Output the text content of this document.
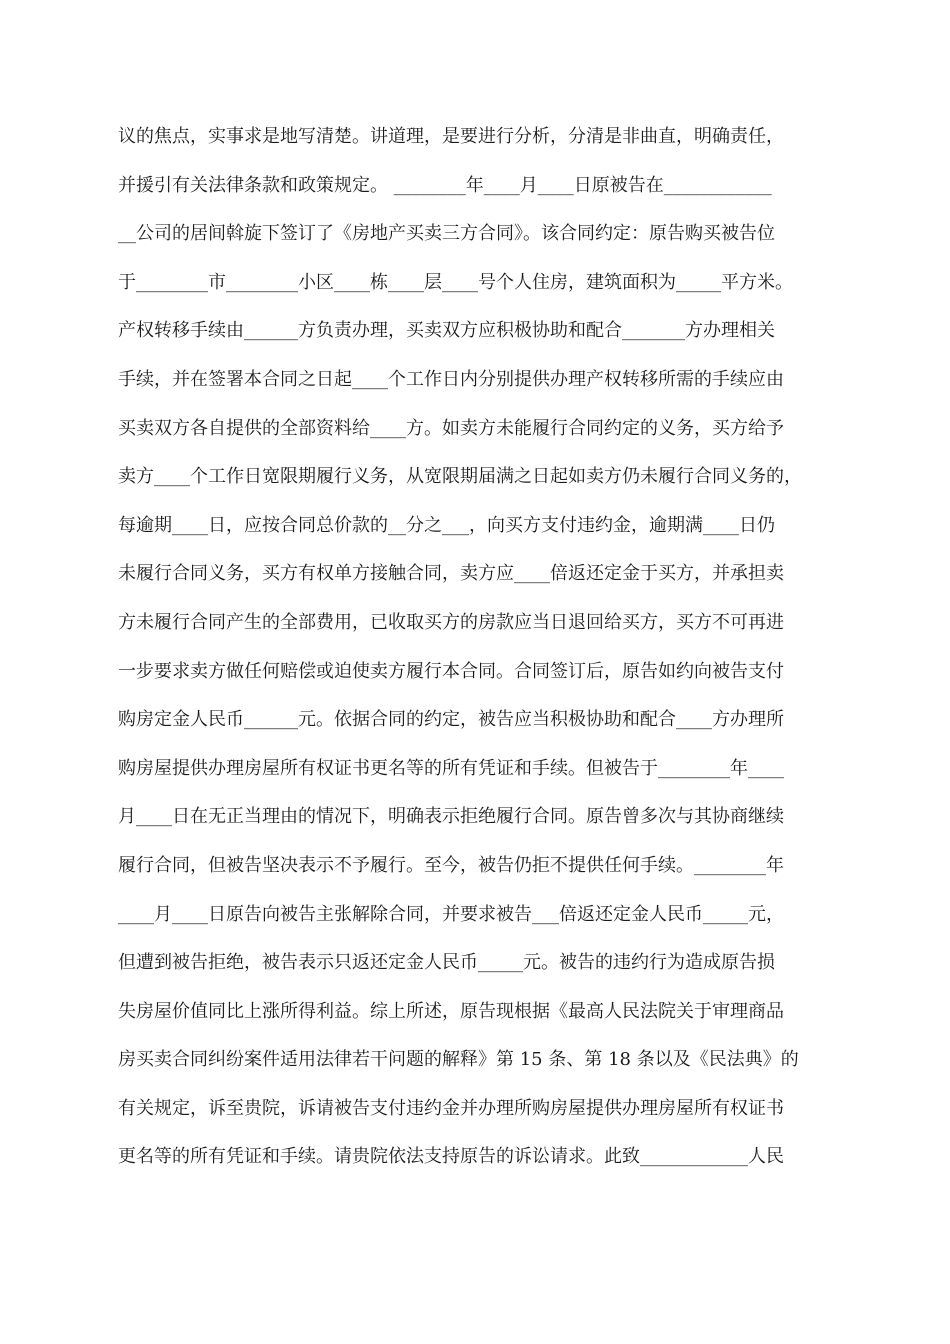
议的焦点，实事求是地写清楚。讲道理，是要进行分析，分清是非曲直，明确责任，
并援引有关法律条款和政策规定。 ________年____月____日原被告在____________
__公司的居间斡旋下签订了《房地产买卖三方合同》。该合同约定：原告购买被告位
于________市________小区____栋____层____号个人住房，建筑面积为_____平方米。
产权转移手续由______方负责办理，买卖双方应积极协助和配合_______方办理相关
手续，并在签署本合同之日起____个工作日内分别提供办理产权转移所需的手续应由
买卖双方各自提供的全部资料给____方。如卖方未能履行合同约定的义务，买方给予
卖方____个工作日宽限期履行义务，从宽限期届满之日起如卖方仍未履行合同义务的，
每逾期____日，应按合同总价款的__分之___，向买方支付违约金，逾期满____日仍
未履行合同义务，买方有权单方接触合同，卖方应____倍返还定金于买方，并承担卖
方未履行合同产生的全部费用，已收取买方的房款应当日退回给买方，买方不可再进
一步要求卖方做任何赔偿或迫使卖方履行本合同。合同签订后，原告如约向被告支付
购房定金人民币______元。依据合同的约定，被告应当积极协助和配合____方办理所
购房屋提供办理房屋所有权证书更名等的所有凭证和手续。但被告于________年____
月____日在无正当理由的情况下，明确表示拒绝履行合同。原告曾多次与其协商继续
履行合同，但被告坚决表示不予履行。至今，被告仍拒不提供任何手续。________年
____月____日原告向被告主张解除合同，并要求被告___倍返还定金人民币_____元，
但遭到被告拒绝，被告表示只返还定金人民币_____元。被告的违约行为造成原告损
失房屋价值同比上涨所得利益。综上所述，原告现根据《最高人民法院关于审理商品
房买卖合同纠纷案件适用法律若干问题的解释》第 15 条、第 18 条以及《民法典》的
有关规定，诉至贵院，诉请被告支付违约金并办理所购房屋提供办理房屋所有权证书
更名等的所有凭证和手续。请贵院依法支持原告的诉讼请求。此致____________人民
